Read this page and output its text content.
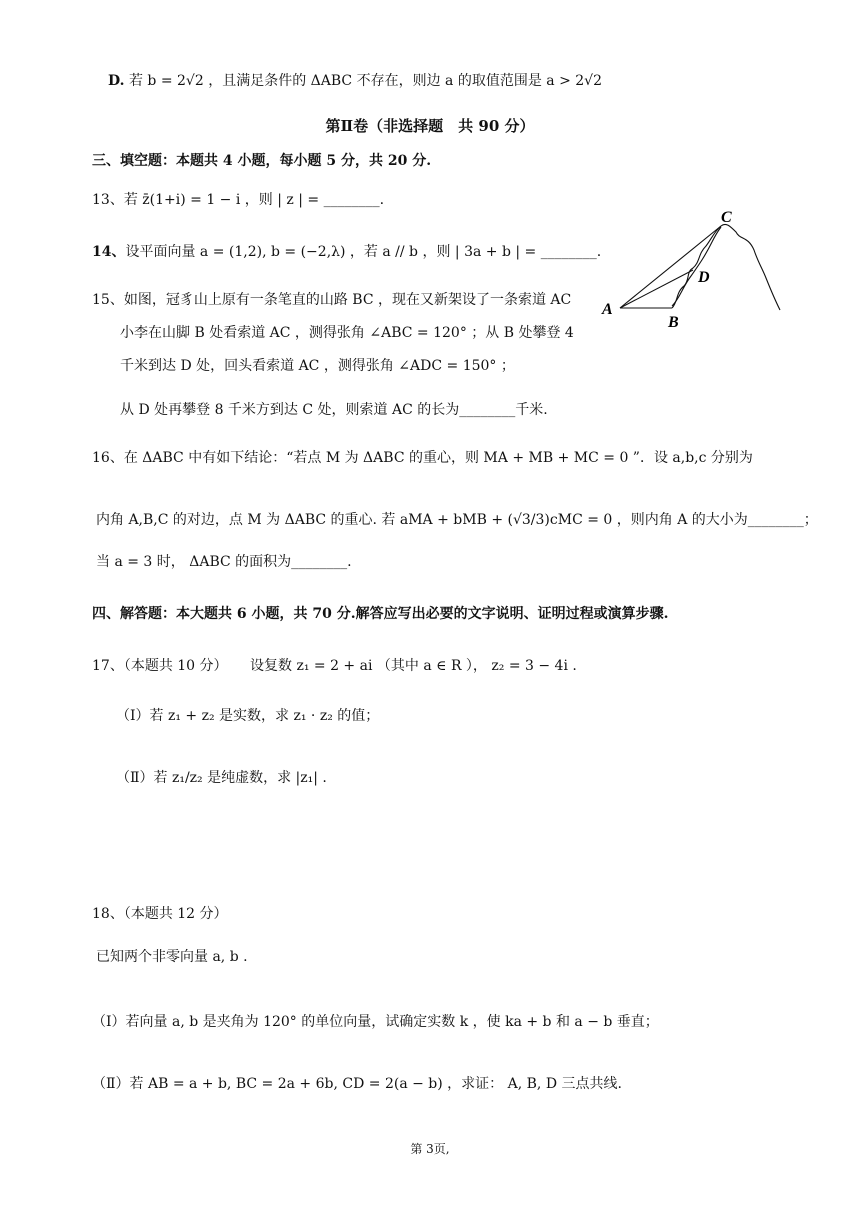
D. 若 b = 2√2 ，且满足条件的 ΔABC 不存在，则边 a 的取值范围是 a > 2√2
第Ⅱ卷（非选择题　共 90 分）
三、填空题：本题共 4 小题，每小题 5 分，共 20 分.
13、若 z̄(1+i) = 1 − i ，则 | z | = ________.
14、设平面向量 a = (1,2), b = (−2,λ) ，若 a // b ，则 | 3a + b | = ________.
15、如图，冠豸山上原有一条笔直的山路 BC ，现在又新架设了一条索道 AC
小李在山脚 B 处看索道 AC ，测得张角 ∠ABC = 120° ；从 B 处攀登 4
千米到达 D 处，回头看索道 AC ，测得张角 ∠ADC = 150° ；
从 D 处再攀登 8 千米方到达 C 处，则索道 AC 的长为________千米.
A
B
C
D
16、在 ΔABC 中有如下结论：“若点 M 为 ΔABC 的重心，则 MA + MB + MC = 0 ”．设 a,b,c 分别为
内角 A,B,C 的对边，点 M 为 ΔABC 的重心. 若 aMA + bMB + (√3/3)cMC = 0 ，则内角 A 的大小为________；
当 a = 3 时， ΔABC 的面积为________.
四、解答题：本大题共 6 小题，共 70 分.解答应写出必要的文字说明、证明过程或演算步骤.
17、（本题共 10 分） 设复数 z₁ = 2 + ai （其中 a ∈ R ）， z₂ = 3 − 4i .
（Ⅰ）若 z₁ + z₂ 是实数，求 z₁ · z₂ 的值；
（Ⅱ）若 z₁/z₂ 是纯虚数，求 |z₁| .
18、（本题共 12 分）
已知两个非零向量 a, b .
（Ⅰ）若向量 a, b 是夹角为 120° 的单位向量，试确定实数 k ，使 ka + b 和 a − b 垂直；
（Ⅱ）若 AB = a + b, BC = 2a + 6b, CD = 2(a − b) ，求证： A, B, D 三点共线.
第 3页,
